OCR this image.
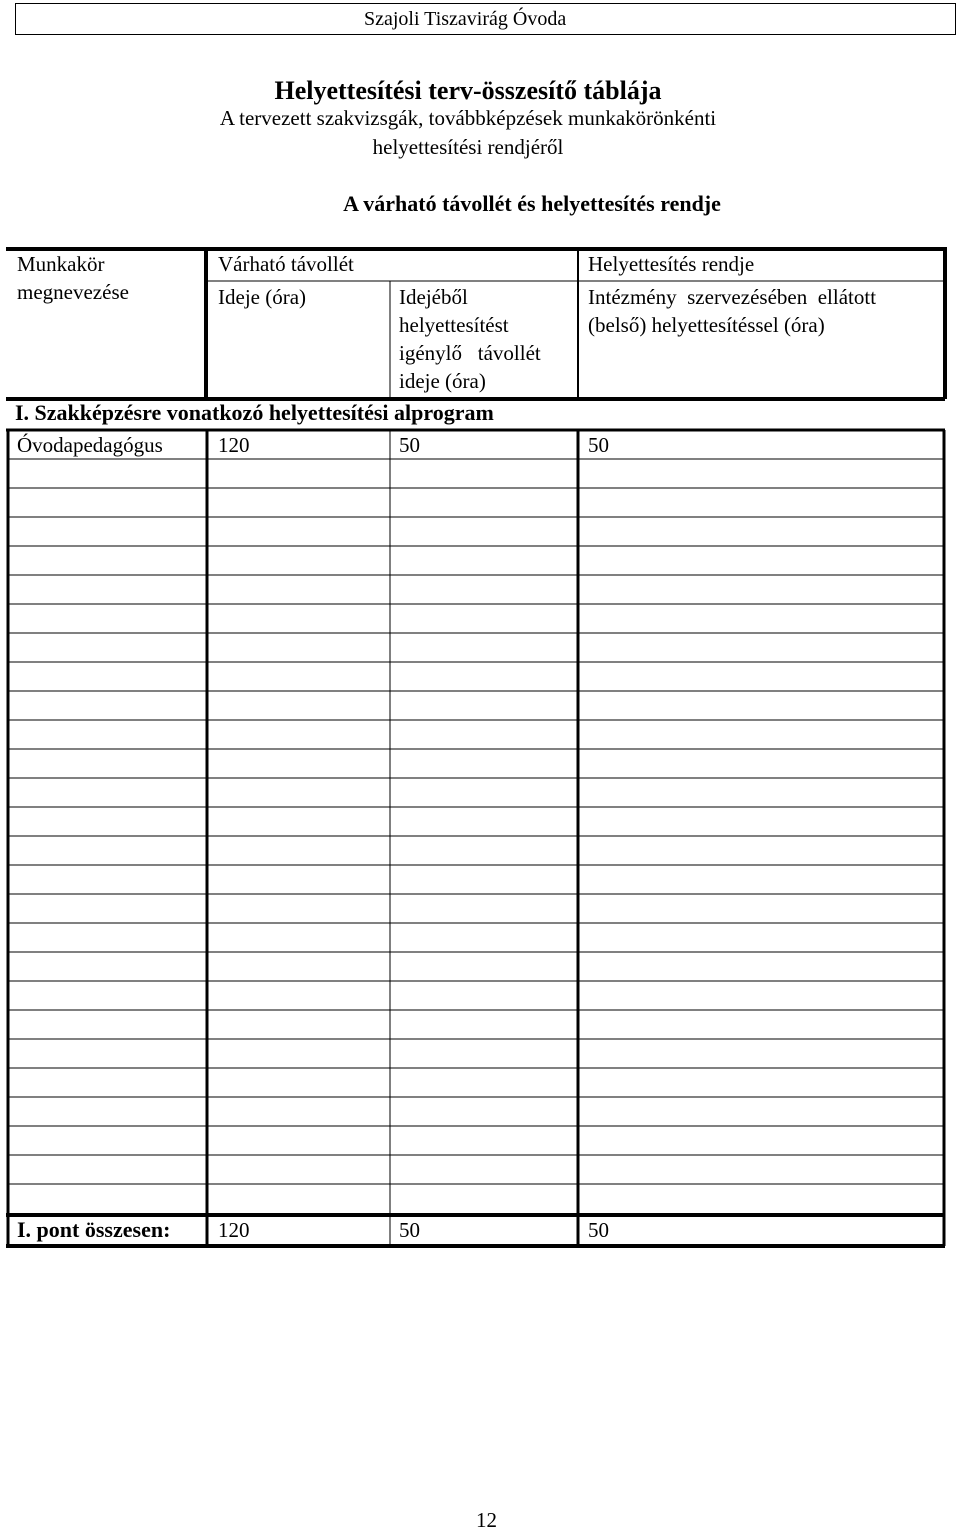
Szajoli Tiszavirág Óvoda
Helyettesítési terv-összesítő táblája
A tervezett szakvizsgák, továbbképzések munkakörönkénti
helyettesítési rendjéről
A várható távollét és helyettesítés rendje
Munkakör
megnevezése
Várható távollét
Ideje (óra)	Idejéből
helyettesítést
igénylő   távollét
ideje (óra)
Helyettesítés rendje
Intézmény  szervezésében  ellátott
(belső) helyettesítéssel (óra)
I. Szakképzésre vonatkozó helyettesítési alprogram
Óvodapedagógus	120	50	50
I. pont összesen: 120	50	50
12
